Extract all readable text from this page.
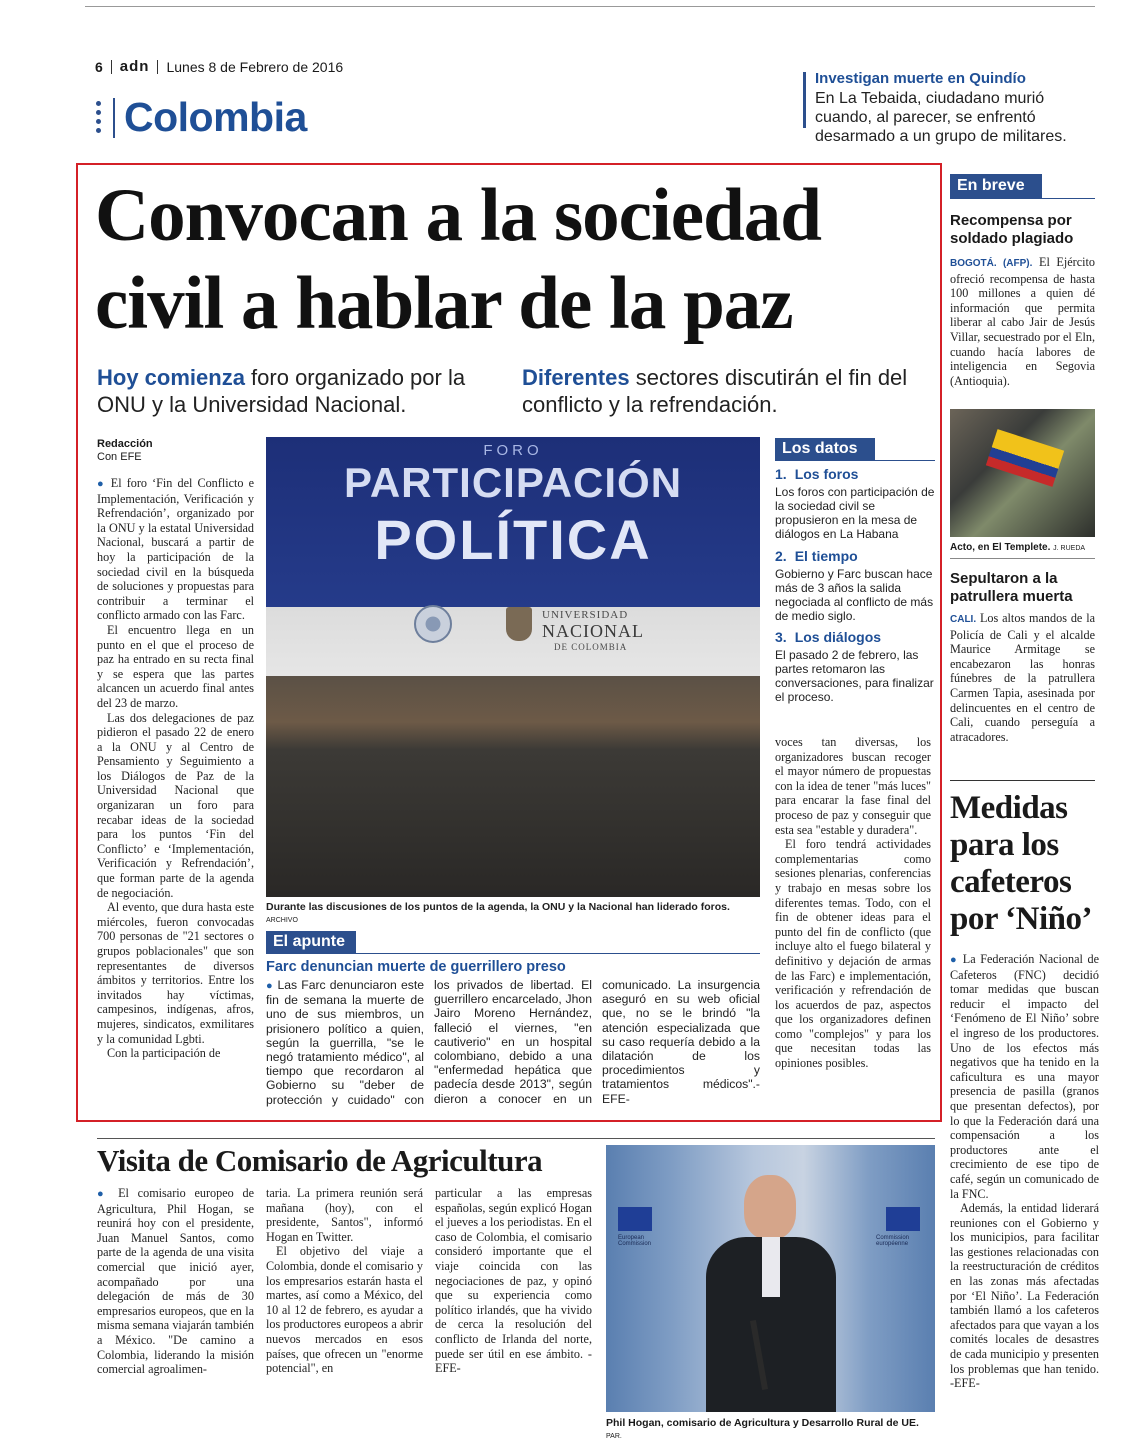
6 adn Lunes 8 de Febrero de 2016
Colombia
Investigan muerte en Quindío
En La Tebaida, ciudadano murió cuando, al parecer, se enfrentó desarmado a un grupo de militares.
Convocan a la sociedad civil a hablar de la paz
Hoy comienza foro organizado por la ONU y la Universidad Nacional.
Diferentes sectores discutirán el fin del conflicto y la refrendación.
Redacción
Con EFE

● El foro ‘Fin del Conflicto e Implementación, Verificación y Refrendación’, organizado por la ONU y la estatal Universidad Nacional, buscará a partir de hoy la participación de la sociedad civil en la búsqueda de soluciones y propuestas para contribuir a terminar el conflicto armado con las Farc.

El encuentro llega en un punto en el que el proceso de paz ha entrado en su recta final y se espera que las partes alcancen un acuerdo final antes del 23 de marzo.

Las dos delegaciones de paz pidieron el pasado 22 de enero a la ONU y al Centro de Pensamiento y Seguimiento a los Diálogos de Paz de la Universidad Nacional que organizaran un foro para recabar ideas de la sociedad para los puntos ‘Fin del Conflicto’ e ‘Implementación, Verificación y Refrendación’, que forman parte de la agenda de negociación.

Al evento, que dura hasta este miércoles, fueron convocadas 700 personas de "21 sectores o grupos poblacionales" que son representantes de diversos ámbitos y territorios. Entre los invitados hay víctimas, campesinos, indígenas, afros, mujeres, sindicatos, exmilitares y la comunidad Lgbti.

Con la participación de

FORO
PARTICIPACIÓN
POLÍTICA
UNIVERSIDAD
NACIONAL
DE COLOMBIA
Durante las discusiones de los puntos de la agenda, la ONU y la Nacional han liderado foros. ARCHIVO
Los datos
1. Los foros
Los foros con participación de la sociedad civil se propusieron en la mesa de diálogos en La Habana
2. El tiempo
Gobierno y Farc buscan hace más de 3 años la salida negociada al conflicto de más de medio siglo.
3. Los diálogos
El pasado 2 de febrero, las partes retomaron las conversaciones, para finalizar el proceso.

voces tan diversas, los organizadores buscan recoger el mayor número de propuestas con la idea de tener "más luces" para encarar la fase final del proceso de paz y conseguir que esta sea "estable y duradera".

El foro tendrá actividades complementarias como sesiones plenarias, conferencias y trabajo en mesas sobre los diferentes temas. Todo, con el fin de obtener ideas para el punto del fin de conflicto (que incluye alto el fuego bilateral y definitivo y dejación de armas de las Farc) e implementación, verificación y refrendación de los acuerdos de paz, aspectos que los organizadores definen como "complejos" y para los que necesitan todas las opiniones posibles.

El apunte
Farc denuncian muerte de guerrillero preso
● Las Farc denunciaron este fin de semana la muerte de uno de sus miembros, un prisionero político a quien, según la guerrilla, "se le negó tratamiento médico", al tiempo que recordaron al Gobierno su "deber de protección y cuidado" con los privados de libertad. El guerrillero encarcelado, Jhon Jairo Moreno Hernández, falleció el viernes, "en cautiverio" en un hospital colombiano, debido a una "enfermedad hepática que padecía desde 2013", según dieron a conocer en un comunicado. La insurgencia aseguró en su web oficial que, no se le brindó "la atención especializada que su caso requería debido a la dilatación de los procedimientos y tratamientos médicos".- EFE-
En breve
Recompensa por soldado plagiado
BOGOTÁ. (AFP). El Ejército ofreció recompensa de hasta 100 millones a quien dé información que permita liberar al cabo Jair de Jesús Villar, secuestrado por el Eln, cuando hacía labores de inteligencia en Segovia (Antioquia).
Acto, en El Templete. J. RUEDA
Sepultaron a la patrullera muerta
CALI. Los altos mandos de la Policía de Cali y el alcalde Maurice Armitage se encabezaron las honras fúnebres de la patrullera Carmen Tapia, asesinada por delincuentes en el centro de Cali, cuando perseguía a atracadores.
Medidas para los cafeteros por ‘Niño’

● La Federación Nacional de Cafeteros (FNC) decidió tomar medidas que buscan reducir el impacto del ‘Fenómeno de El Niño’ sobre el ingreso de los productores. Uno de los efectos más negativos que ha tenido en la caficultura es una mayor presencia de pasilla (granos que presentan defectos), por lo que la Federación dará una compensación a los productores ante el crecimiento de ese tipo de café, según un comunicado de la FNC.

Además, la entidad liderará reuniones con el Gobierno y los municipios, para facilitar las gestiones relacionadas con la reestructuración de créditos en las zonas más afectadas por ‘El Niño’. La Federación también llamó a los cafeteros afectados para que vayan a los comités locales de desastres de cada municipio y presenten los problemas que han tenido. -EFE-

Visita de Comisario de Agricultura
● El comisario europeo de Agricultura, Phil Hogan, se reunirá hoy con el presidente, Juan Manuel Santos, como parte de la agenda de una visita comercial que inició ayer, acompañado por una delegación de más de 30 empresarios europeos, que en la misma semana viajarán también a México. "De camino a Colombia, liderando la misión comercial agroalimen-

taria. La primera reunión será mañana (hoy), con el presidente, Santos", informó Hogan en Twitter.

El objetivo del viaje a Colombia, donde el comisario y los empresarios estarán hasta el martes, así como a México, del 10 al 12 de febrero, es ayudar a los productores europeos a abrir nuevos mercados en esos países, que ofrecen un "enorme potencial", en

particular a las empresas españolas, según explicó Hogan el jueves a los periodistas. En el caso de Colombia, el comisario consideró importante que el viaje coincida con las negociaciones de paz, y opinó que su experiencia como político irlandés, que ha vivido de cerca la resolución del conflicto de Irlanda del norte, puede ser útil en ese ámbito. -EFE-

European Commission
Commission européenne
Phil Hogan, comisario de Agricultura y Desarrollo Rural de UE. PAR.
